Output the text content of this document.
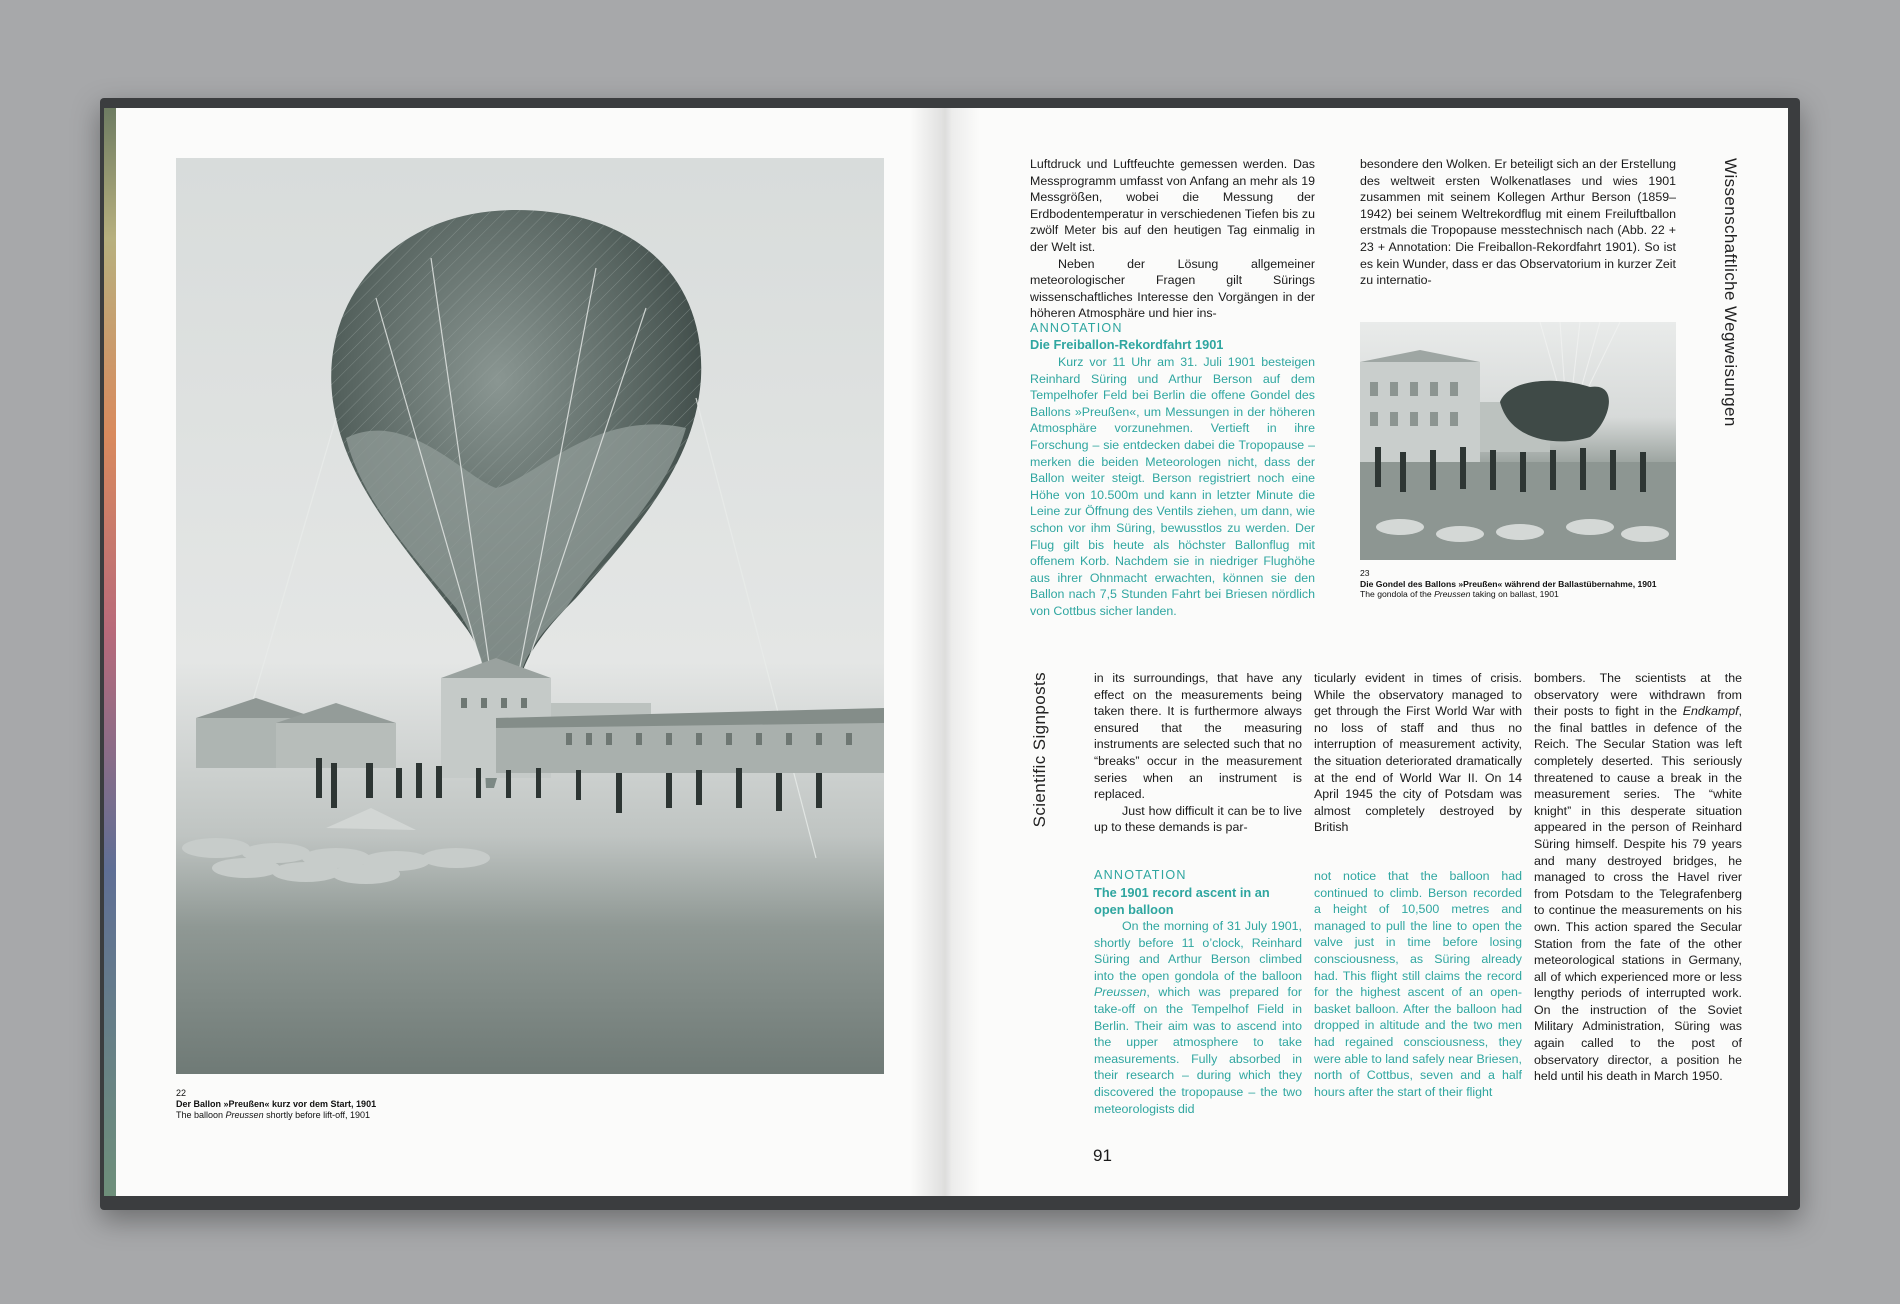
22
Der Ballon »Preußen« kurz vor dem Start, 1901
The balloon Preussen shortly before lift-off, 1901
Wissenschaftliche Wegweisungen
Scientific Signposts

Luftdruck und Luftfeuchte gemessen werden. Das Messprogramm umfasst von Anfang an mehr als 19 Messgrößen, wobei die Messung der Erdbodentemperatur in verschiedenen Tiefen bis zu zwölf Meter bis auf den heutigen Tag einmalig in der Welt ist.

Neben der Lösung allgemeiner meteorologischer Fragen gilt Sürings wissenschaftliches Interesse den Vorgängen in der höheren Atmosphäre und hier ins-

besondere den Wolken. Er beteiligt sich an der Erstellung des weltweit ersten Wolkenatlases und wies 1901 zusammen mit seinem Kollegen Arthur Berson (1859–1942) bei seinem Weltrekordflug mit einem Freiluftballon erstmals die Tropopause messtechnisch nach (Abb. 22 + 23 + Annotation: Die Freiballon-Rekordfahrt 1901). So ist es kein Wunder, dass er das Observatorium in kurzer Zeit zu internatio-

ANNOTATION
Die Freiballon-Rekordfahrt 1901

Kurz vor 11 Uhr am 31. Juli 1901 besteigen Reinhard Süring und Arthur Berson auf dem Tempelhofer Feld bei Berlin die offene Gondel des Ballons »Preußen«, um Messungen in der höheren Atmosphäre vorzunehmen. Vertieft in ihre Forschung – sie entdecken dabei die Tropopause – merken die beiden Meteorologen nicht, dass der Ballon weiter steigt. Berson registriert noch eine Höhe von 10.500m und kann in letzter Minute die Leine zur Öffnung des Ventils ziehen, um dann, wie schon vor ihm Süring, bewusstlos zu werden. Der Flug gilt bis heute als höchster Ballonflug mit offenem Korb. Nachdem sie in niedriger Flughöhe aus ihrer Ohnmacht erwachten, können sie den Ballon nach 7,5 Stunden Fahrt bei Briesen nördlich von Cottbus sicher landen.

23
Die Gondel des Ballons »Preußen« während der Ballastübernahme, 1901
The gondola of the Preussen taking on ballast, 1901

in its surroundings, that have any effect on the measurements being taken there. It is furthermore always ensured that the measuring instruments are selected such that no “breaks” occur in the measurement series when an instrument is replaced.

Just how difficult it can be to live up to these demands is par-

ticularly evident in times of crisis. While the observatory managed to get through the First World War with no loss of staff and thus no interruption of measurement activity, the situation deteriorated dramatically at the end of World War II. On 14 April 1945 the city of Potsdam was almost completely destroyed by British

bombers. The scientists at the observatory were withdrawn from their posts to fight in the Endkampf, the final battles in defence of the Reich. The Secular Station was left completely deserted. This seriously threatened to cause a break in the measurement series. The “white knight” in this desperate situation appeared in the person of Reinhard Süring himself. Despite his 79 years and many destroyed bridges, he managed to cross the Havel river from Potsdam to the Telegrafenberg to continue the measurements on his own. This action spared the Secular Station from the fate of the other meteorological stations in Germany, all of which experienced more or less lengthy periods of interrupted work. On the instruction of the Soviet Military Administration, Süring was again called to the post of observatory director, a position he held until his death in March 1950.

ANNOTATION
The 1901 record ascent in an open balloon

On the morning of 31 July 1901, shortly before 11 o’clock, Reinhard Süring and Arthur Berson climbed into the open gondola of the balloon Preussen, which was prepared for take-off on the Tempelhof Field in Berlin. Their aim was to ascend into the upper atmosphere to take measurements. Fully absorbed in their research – during which they discovered the tropopause – the two meteorologists did

not notice that the balloon had continued to climb. Berson recorded a height of 10,500 metres and managed to pull the line to open the valve just in time before losing consciousness, as Süring already had. This flight still claims the record for the highest ascent of an open-basket balloon. After the balloon had dropped in altitude and the two men had regained consciousness, they were able to land safely near Briesen, north of Cottbus, seven and a half hours after the start of their flight

91
